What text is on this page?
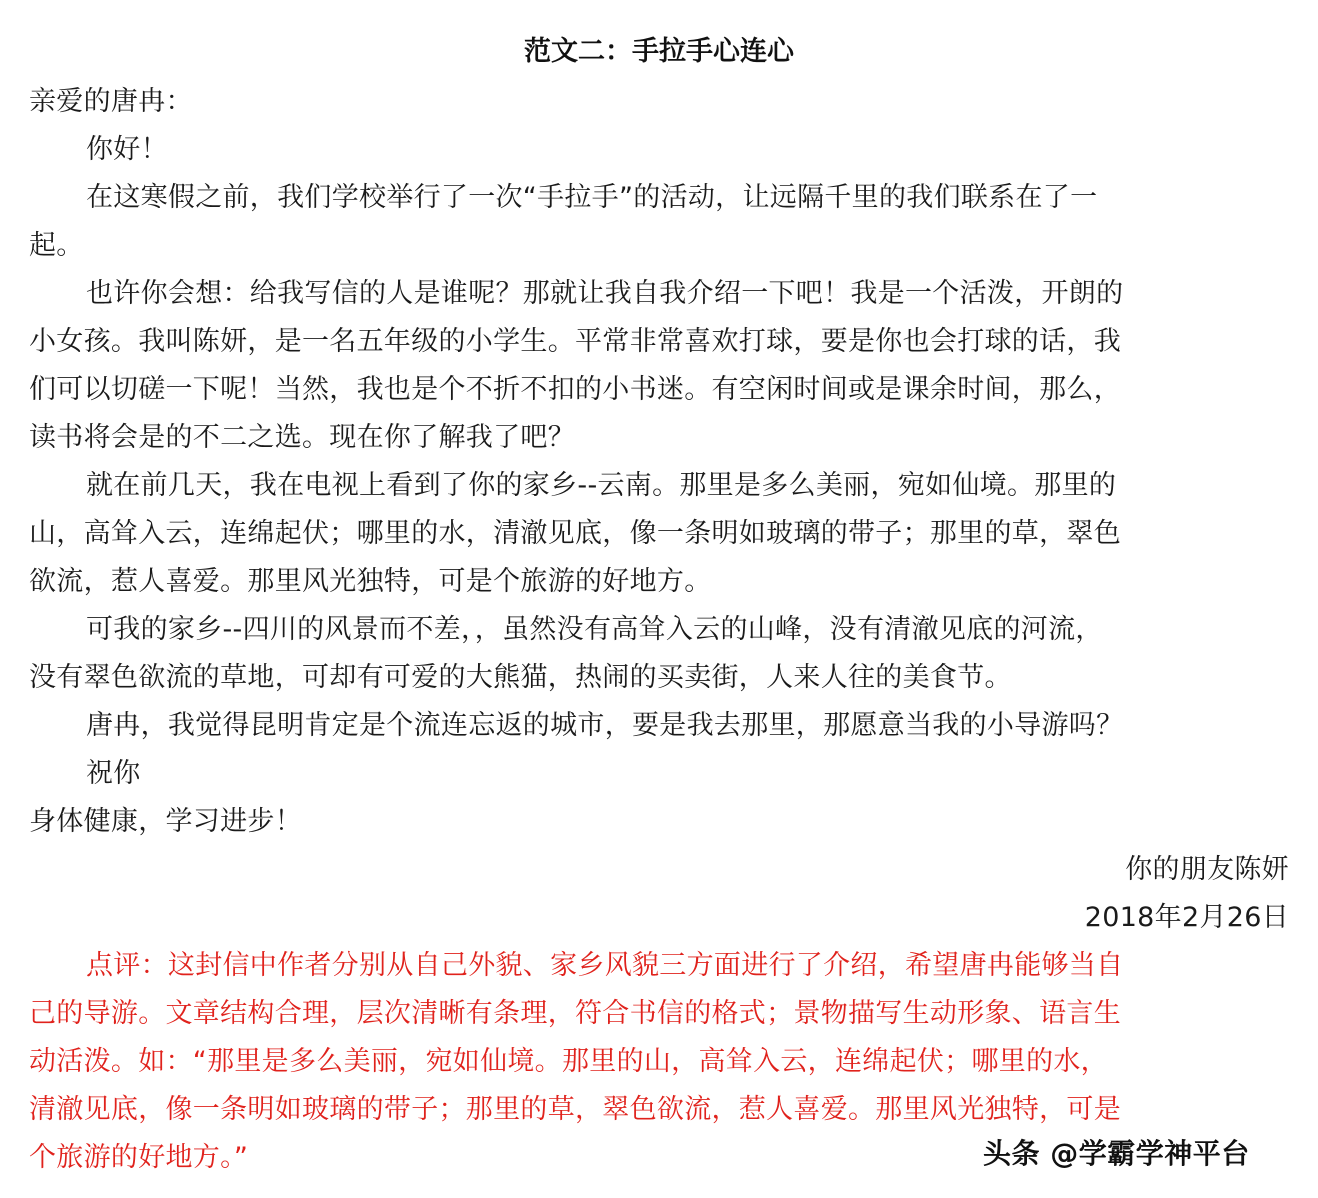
范文二：手拉手心连心
亲爱的唐冉：
你好！
在这寒假之前，我们学校举行了一次“手拉手”的活动，让远隔千里的我们联系在了一
起。
也许你会想：给我写信的人是谁呢？那就让我自我介绍一下吧！我是一个活泼，开朗的
小女孩。我叫陈妍，是一名五年级的小学生。平常非常喜欢打球，要是你也会打球的话，我
们可以切磋一下呢！当然，我也是个不折不扣的小书迷。有空闲时间或是课余时间，那么，
读书将会是的不二之选。现在你了解我了吧？
就在前几天，我在电视上看到了你的家乡--云南。那里是多么美丽，宛如仙境。那里的
山，高耸入云，连绵起伏；哪里的水，清澈见底，像一条明如玻璃的带子；那里的草，翠色
欲流，惹人喜爱。那里风光独特，可是个旅游的好地方。
可我的家乡--四川的风景而不差，，虽然没有高耸入云的山峰，没有清澈见底的河流，
没有翠色欲流的草地，可却有可爱的大熊猫，热闹的买卖街，人来人往的美食节。
唐冉，我觉得昆明肯定是个流连忘返的城市，要是我去那里，那愿意当我的小导游吗？
祝你
身体健康，学习进步！
你的朋友陈妍
2018年2月26日
点评：这封信中作者分别从自己外貌、家乡风貌三方面进行了介绍，希望唐冉能够当自
己的导游。文章结构合理，层次清晰有条理，符合书信的格式；景物描写生动形象、语言生
动活泼。如：“那里是多么美丽，宛如仙境。那里的山，高耸入云，连绵起伏；哪里的水，
清澈见底，像一条明如玻璃的带子；那里的草，翠色欲流，惹人喜爱。那里风光独特，可是
个旅游的好地方。”	头条 @学霸学神平台
